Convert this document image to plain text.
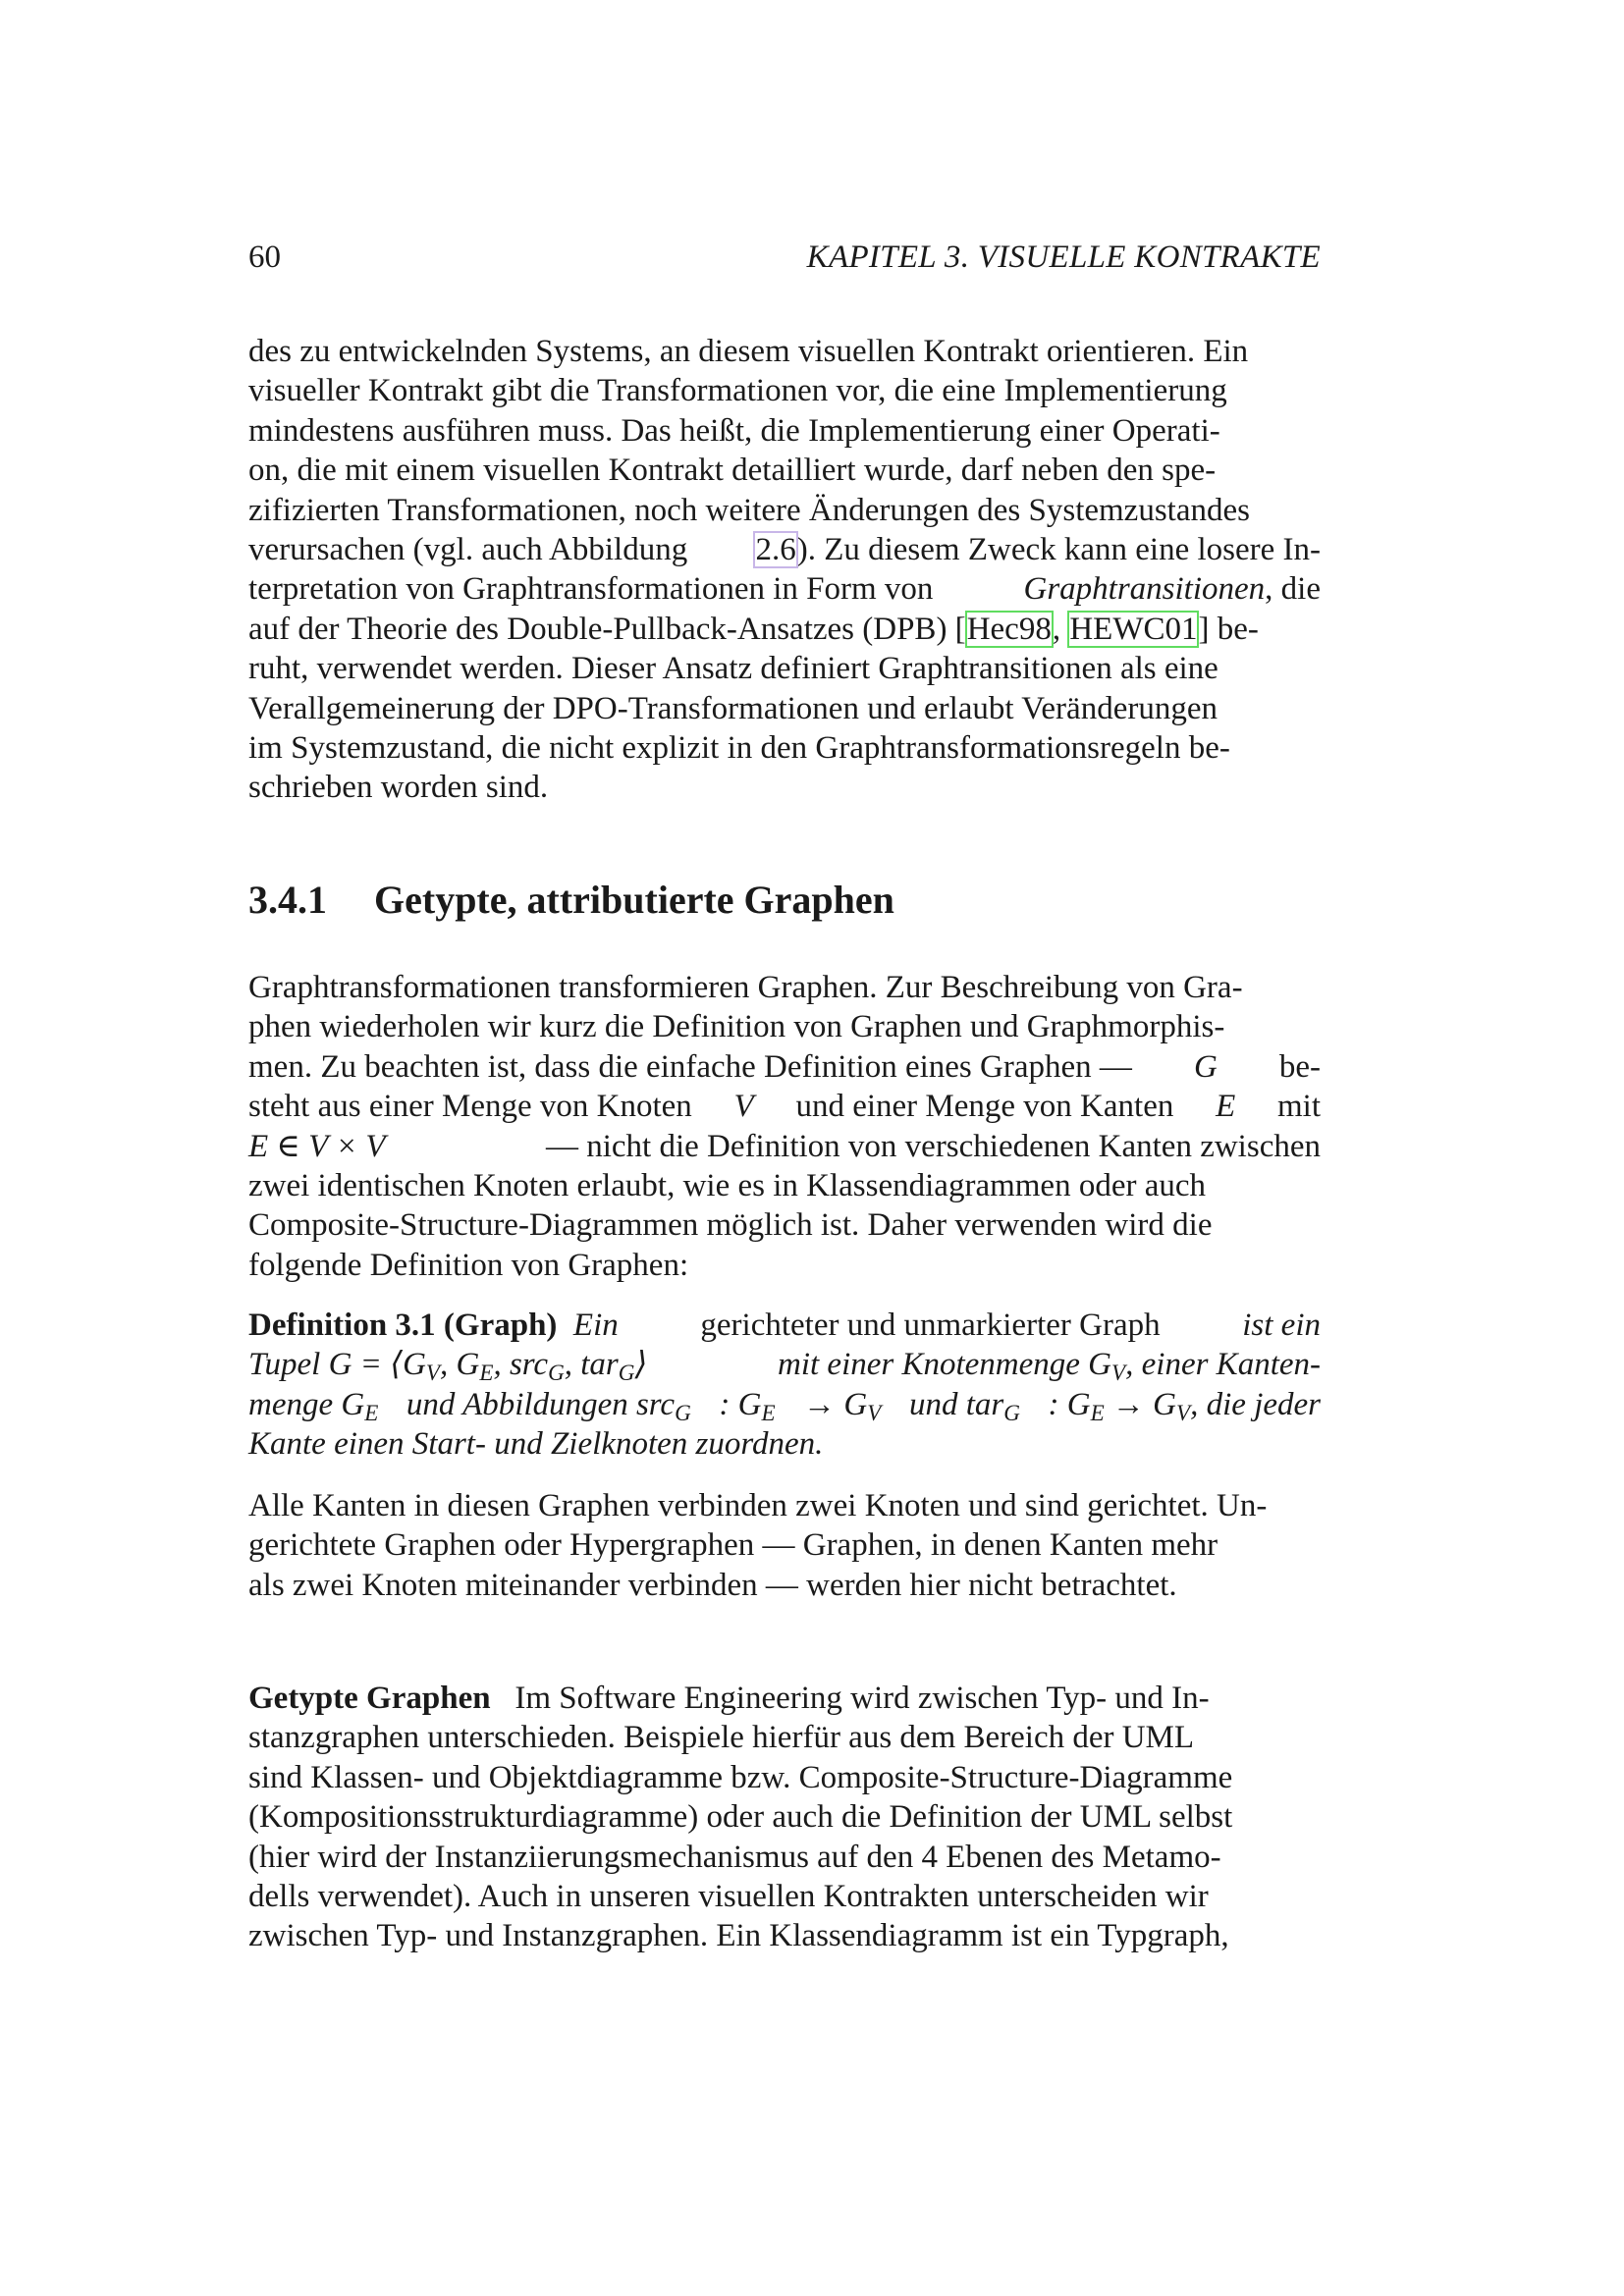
60	KAPITEL 3. VISUELLE KONTRAKTE
des zu entwickelnden Systems, an diesem visuellen Kontrakt orientieren. Ein
visueller Kontrakt gibt die Transformationen vor, die eine Implementierung
mindestens ausführen muss. Das heißt, die Implementierung einer Operati-
on, die mit einem visuellen Kontrakt detailliert wurde, darf neben den spe-
zifizierten Transformationen, noch weitere Änderungen des Systemzustandes
verursachen (vgl. auch Abbildung 2.6). Zu diesem Zweck kann eine losere In-
terpretation von Graphtransformationen in Form von	Graphtransitionen, die
auf der Theorie des Double-Pullback-Ansatzes (DPB) [Hec98, HEWC01] be-
ruht, verwendet werden. Dieser Ansatz definiert Graphtransitionen als eine
Verallgemeinerung der DPO-Transformationen und erlaubt Veränderungen
im Systemzustand, die nicht explizit in den Graphtransformationsregeln be-
schrieben worden sind.
3.4.1 Getypte, attributierte Graphen
Graphtransformationen transformieren Graphen. Zur Beschreibung von Gra-
phen wiederholen wir kurz die Definition von Graphen und Graphmorphis-
men. Zu beachten ist, dass die einfache Definition eines Graphen — G be-
steht aus einer Menge von Knoten V und einer Menge von Kanten E mit
E ∈ V × V	— nicht die Definition von verschiedenen Kanten zwischen
zwei identischen Knoten erlaubt, wie es in Klassendiagrammen oder auch
Composite-Structure-Diagrammen möglich ist. Daher verwenden wird die
folgende Definition von Graphen:
Definition 3.1 (Graph) Ein	gerichteter und unmarkierter Graph	ist ein
Tupel $G = ⟨G_V$, $G_E$, src$_G$, tar$_G$⟩	mit einer Knotenmenge $G_V$, einer Kanten-
menge $G_E$ und Abbildungen src$_G$ : $G_E \to G_V$ und tar$_G$ : $G_E \to G_V$, die jeder
Kante einen Start- und Zielknoten zuordnen.
Alle Kanten in diesen Graphen verbinden zwei Knoten und sind gerichtet. Un-
gerichtete Graphen oder Hypergraphen — Graphen, in denen Kanten mehr
als zwei Knoten miteinander verbinden — werden hier nicht betrachtet.
Getypte Graphen Im Software Engineering wird zwischen Typ- und In-
stanzgraphen unterschieden. Beispiele hierfür aus dem Bereich der UML
sind Klassen- und Objektdiagramme bzw. Composite-Structure-Diagramme
(Kompositionsstrukturdiagramme) oder auch die Definition der UML selbst
(hier wird der Instanziierungsmechanismus auf den 4 Ebenen des Metamo-
dells verwendet). Auch in unseren visuellen Kontrakten unterscheiden wir
zwischen Typ- und Instanzgraphen. Ein Klassendiagramm ist ein Typgraph,
